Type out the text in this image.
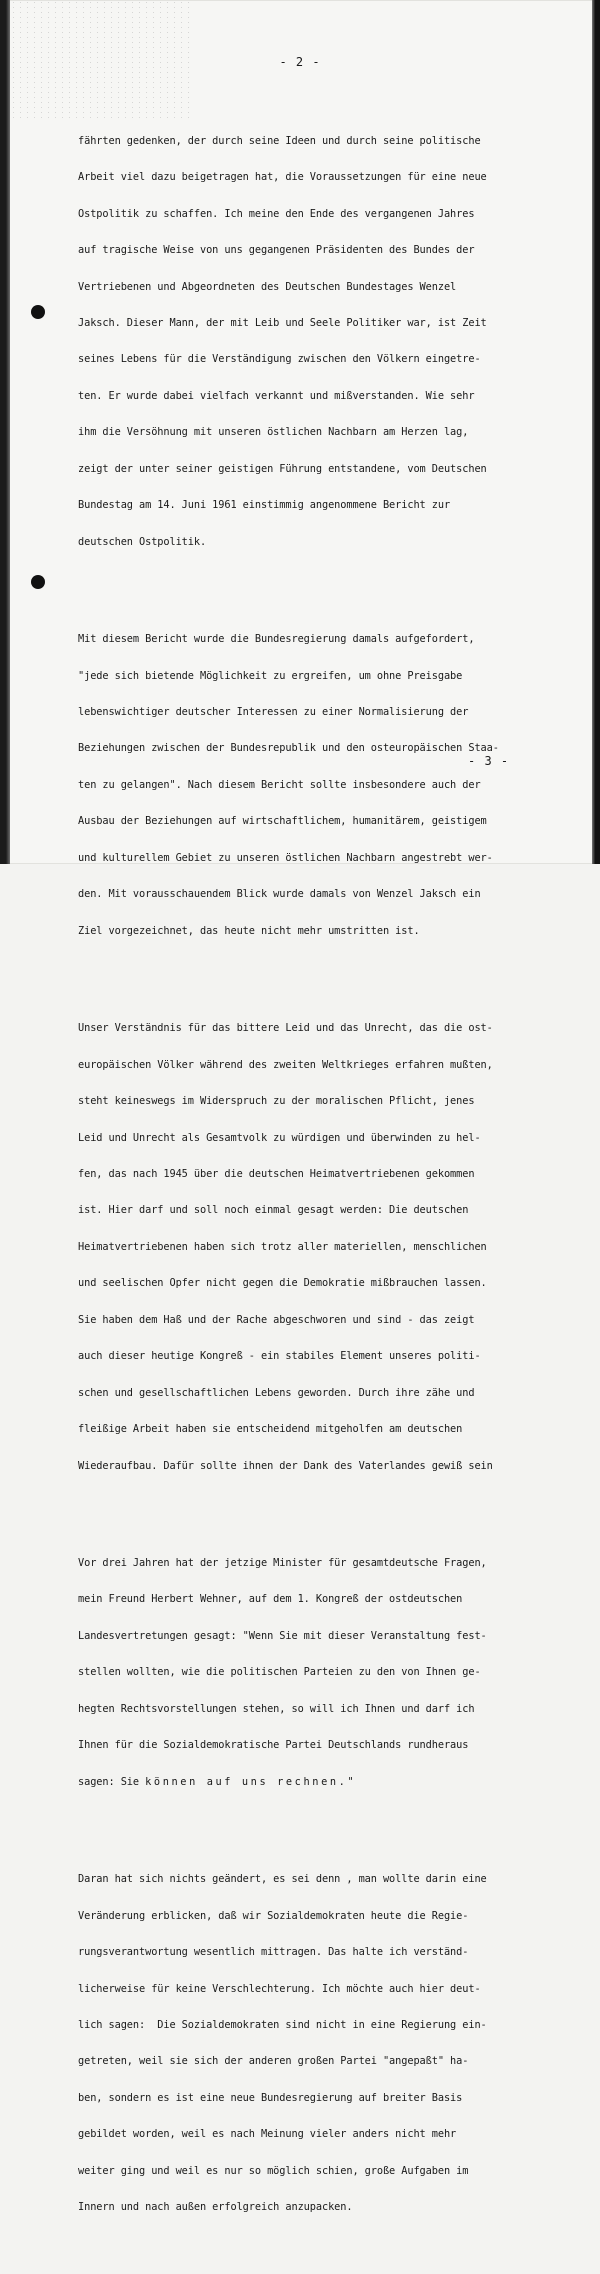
- 2 -

fährten gedenken, der durch seine Ideen und durch seine politische

Arbeit viel dazu beigetragen hat, die Voraussetzungen für eine neue

Ostpolitik zu schaffen. Ich meine den Ende des vergangenen Jahres

auf tragische Weise von uns gegangenen Präsidenten des Bundes der

Vertriebenen und Abgeordneten des Deutschen Bundestages Wenzel

Jaksch. Dieser Mann, der mit Leib und Seele Politiker war, ist Zeit

seines Lebens für die Verständigung zwischen den Völkern eingetre-

ten. Er wurde dabei vielfach verkannt und mißverstanden. Wie sehr

ihm die Versöhnung mit unseren östlichen Nachbarn am Herzen lag,

zeigt der unter seiner geistigen Führung entstandene, vom Deutschen

Bundestag am 14. Juni 1961 einstimmig angenommene Bericht zur

deutschen Ostpolitik.

Mit diesem Bericht wurde die Bundesregierung damals aufgefordert,

"jede sich bietende Möglichkeit zu ergreifen, um ohne Preisgabe

lebenswichtiger deutscher Interessen zu einer Normalisierung der

Beziehungen zwischen der Bundesrepublik und den osteuropäischen Staa-

ten zu gelangen". Nach diesem Bericht sollte insbesondere auch der

Ausbau der Beziehungen auf wirtschaftlichem, humanitärem, geistigem

und kulturellem Gebiet zu unseren östlichen Nachbarn angestrebt wer-

den. Mit vorausschauendem Blick wurde damals von Wenzel Jaksch ein

Ziel vorgezeichnet, das heute nicht mehr umstritten ist.

Unser Verständnis für das bittere Leid und das Unrecht, das die ost-

europäischen Völker während des zweiten Weltkrieges erfahren mußten,

steht keineswegs im Widerspruch zu der moralischen Pflicht, jenes

Leid und Unrecht als Gesamtvolk zu würdigen und überwinden zu hel-

fen, das nach 1945 über die deutschen Heimatvertriebenen gekommen

ist. Hier darf und soll noch einmal gesagt werden: Die deutschen

Heimatvertriebenen haben sich trotz aller materiellen, menschlichen

und seelischen Opfer nicht gegen die Demokratie mißbrauchen lassen.

Sie haben dem Haß und der Rache abgeschworen und sind - das zeigt

auch dieser heutige Kongreß - ein stabiles Element unseres politi-

schen und gesellschaftlichen Lebens geworden. Durch ihre zähe und

fleißige Arbeit haben sie entscheidend mitgeholfen am deutschen

Wiederaufbau. Dafür sollte ihnen der Dank des Vaterlandes gewiß sein

Vor drei Jahren hat der jetzige Minister für gesamtdeutsche Fragen,

mein Freund Herbert Wehner, auf dem 1. Kongreß der ostdeutschen

Landesvertretungen gesagt: "Wenn Sie mit dieser Veranstaltung fest-

stellen wollten, wie die politischen Parteien zu den von Ihnen ge-

hegten Rechtsvorstellungen stehen, so will ich Ihnen und darf ich

Ihnen für die Sozialdemokratische Partei Deutschlands rundheraus

sagen: Sie können auf uns rechnen."

Daran hat sich nichts geändert, es sei denn , man wollte darin eine

Veränderung erblicken, daß wir Sozialdemokraten heute die Regie-

rungsverantwortung wesentlich mittragen. Das halte ich verständ-

licherweise für keine Verschlechterung. Ich möchte auch hier deut-

lich sagen:  Die Sozialdemokraten sind nicht in eine Regierung ein-

getreten, weil sie sich der anderen großen Partei "angepaßt" ha-

ben, sondern es ist eine neue Bundesregierung auf breiter Basis

gebildet worden, weil es nach Meinung vieler anders nicht mehr

weiter ging und weil es nur so möglich schien, große Aufgaben im

Innern und nach außen erfolgreich anzupacken.

- 3 -
